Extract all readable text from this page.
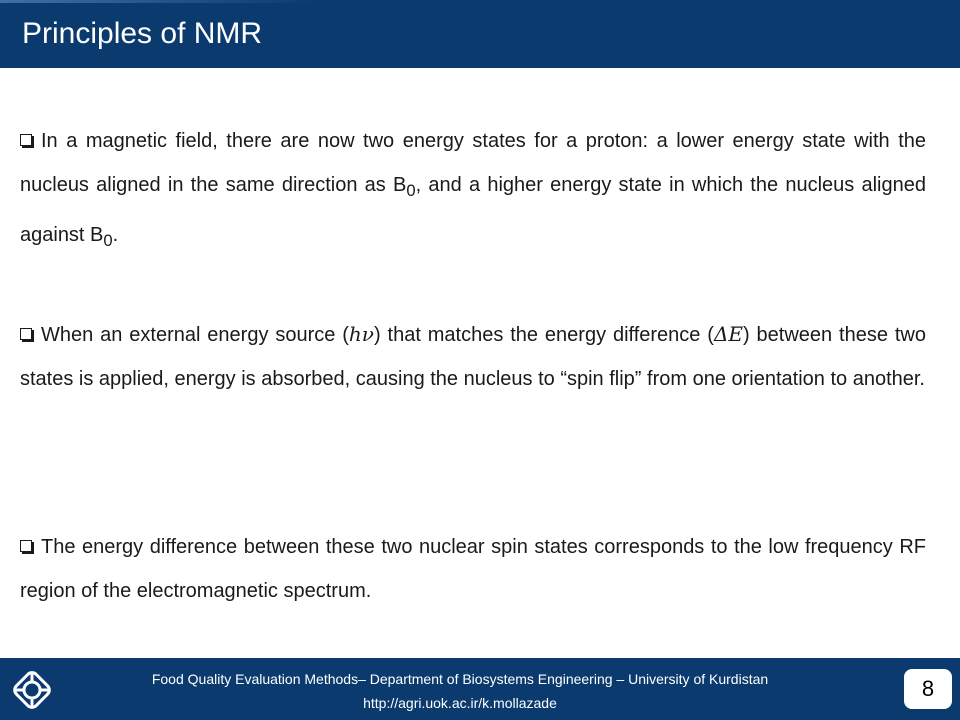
Principles of NMR
In a magnetic field, there are now two energy states for a proton: a lower energy state with the nucleus aligned in the same direction as $B_0$, and a higher energy state in which the nucleus aligned against $B_0$.
When an external energy source (hν) that matches the energy difference (ΔE) between these two states is applied, energy is absorbed, causing the nucleus to “spin flip” from one orientation to another.
The energy difference between these two nuclear spin states corresponds to the low frequency RF region of the electromagnetic spectrum.
Food Quality Evaluation Methods– Department of Biosystems Engineering – University of Kurdistan
http://agri.uok.ac.ir/k.mollazade
8
